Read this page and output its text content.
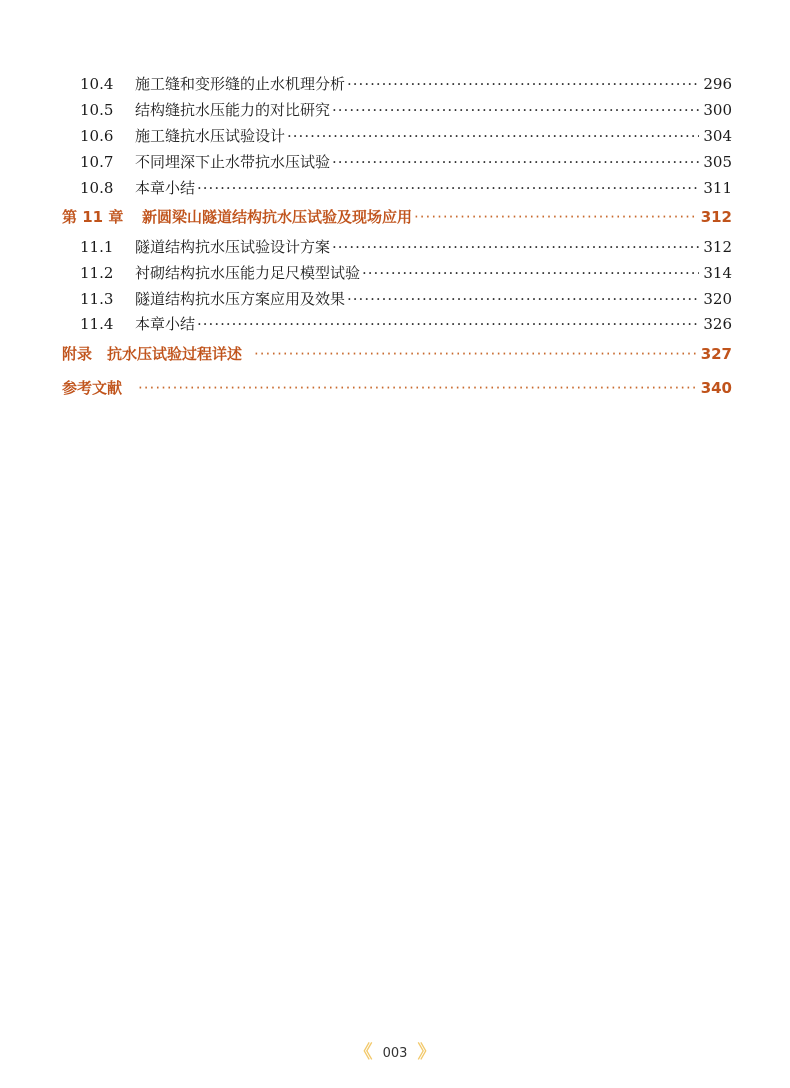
10.4	施工缝和变形缝的止水机理分析 ·····	296
10.5	结构缝抗水压能力的对比研究 ·····	300
10.6	施工缝抗水压试验设计 ·····	304
10.7	不同埋深下止水带抗水压试验 ·····	305
10.8	本章小结 ·····	311
第 11 章	新圆梁山隧道结构抗水压试验及现场应用 ·····	312
11.1	隧道结构抗水压试验设计方案 ·····	312
11.2	衬砌结构抗水压能力足尺模型试验 ·····	314
11.3	隧道结构抗水压方案应用及效果 ·····	320
11.4	本章小结 ·····	326
附录　抗水压试验过程详述 ·····	327
参考文献 ·····	340
《 003 》
